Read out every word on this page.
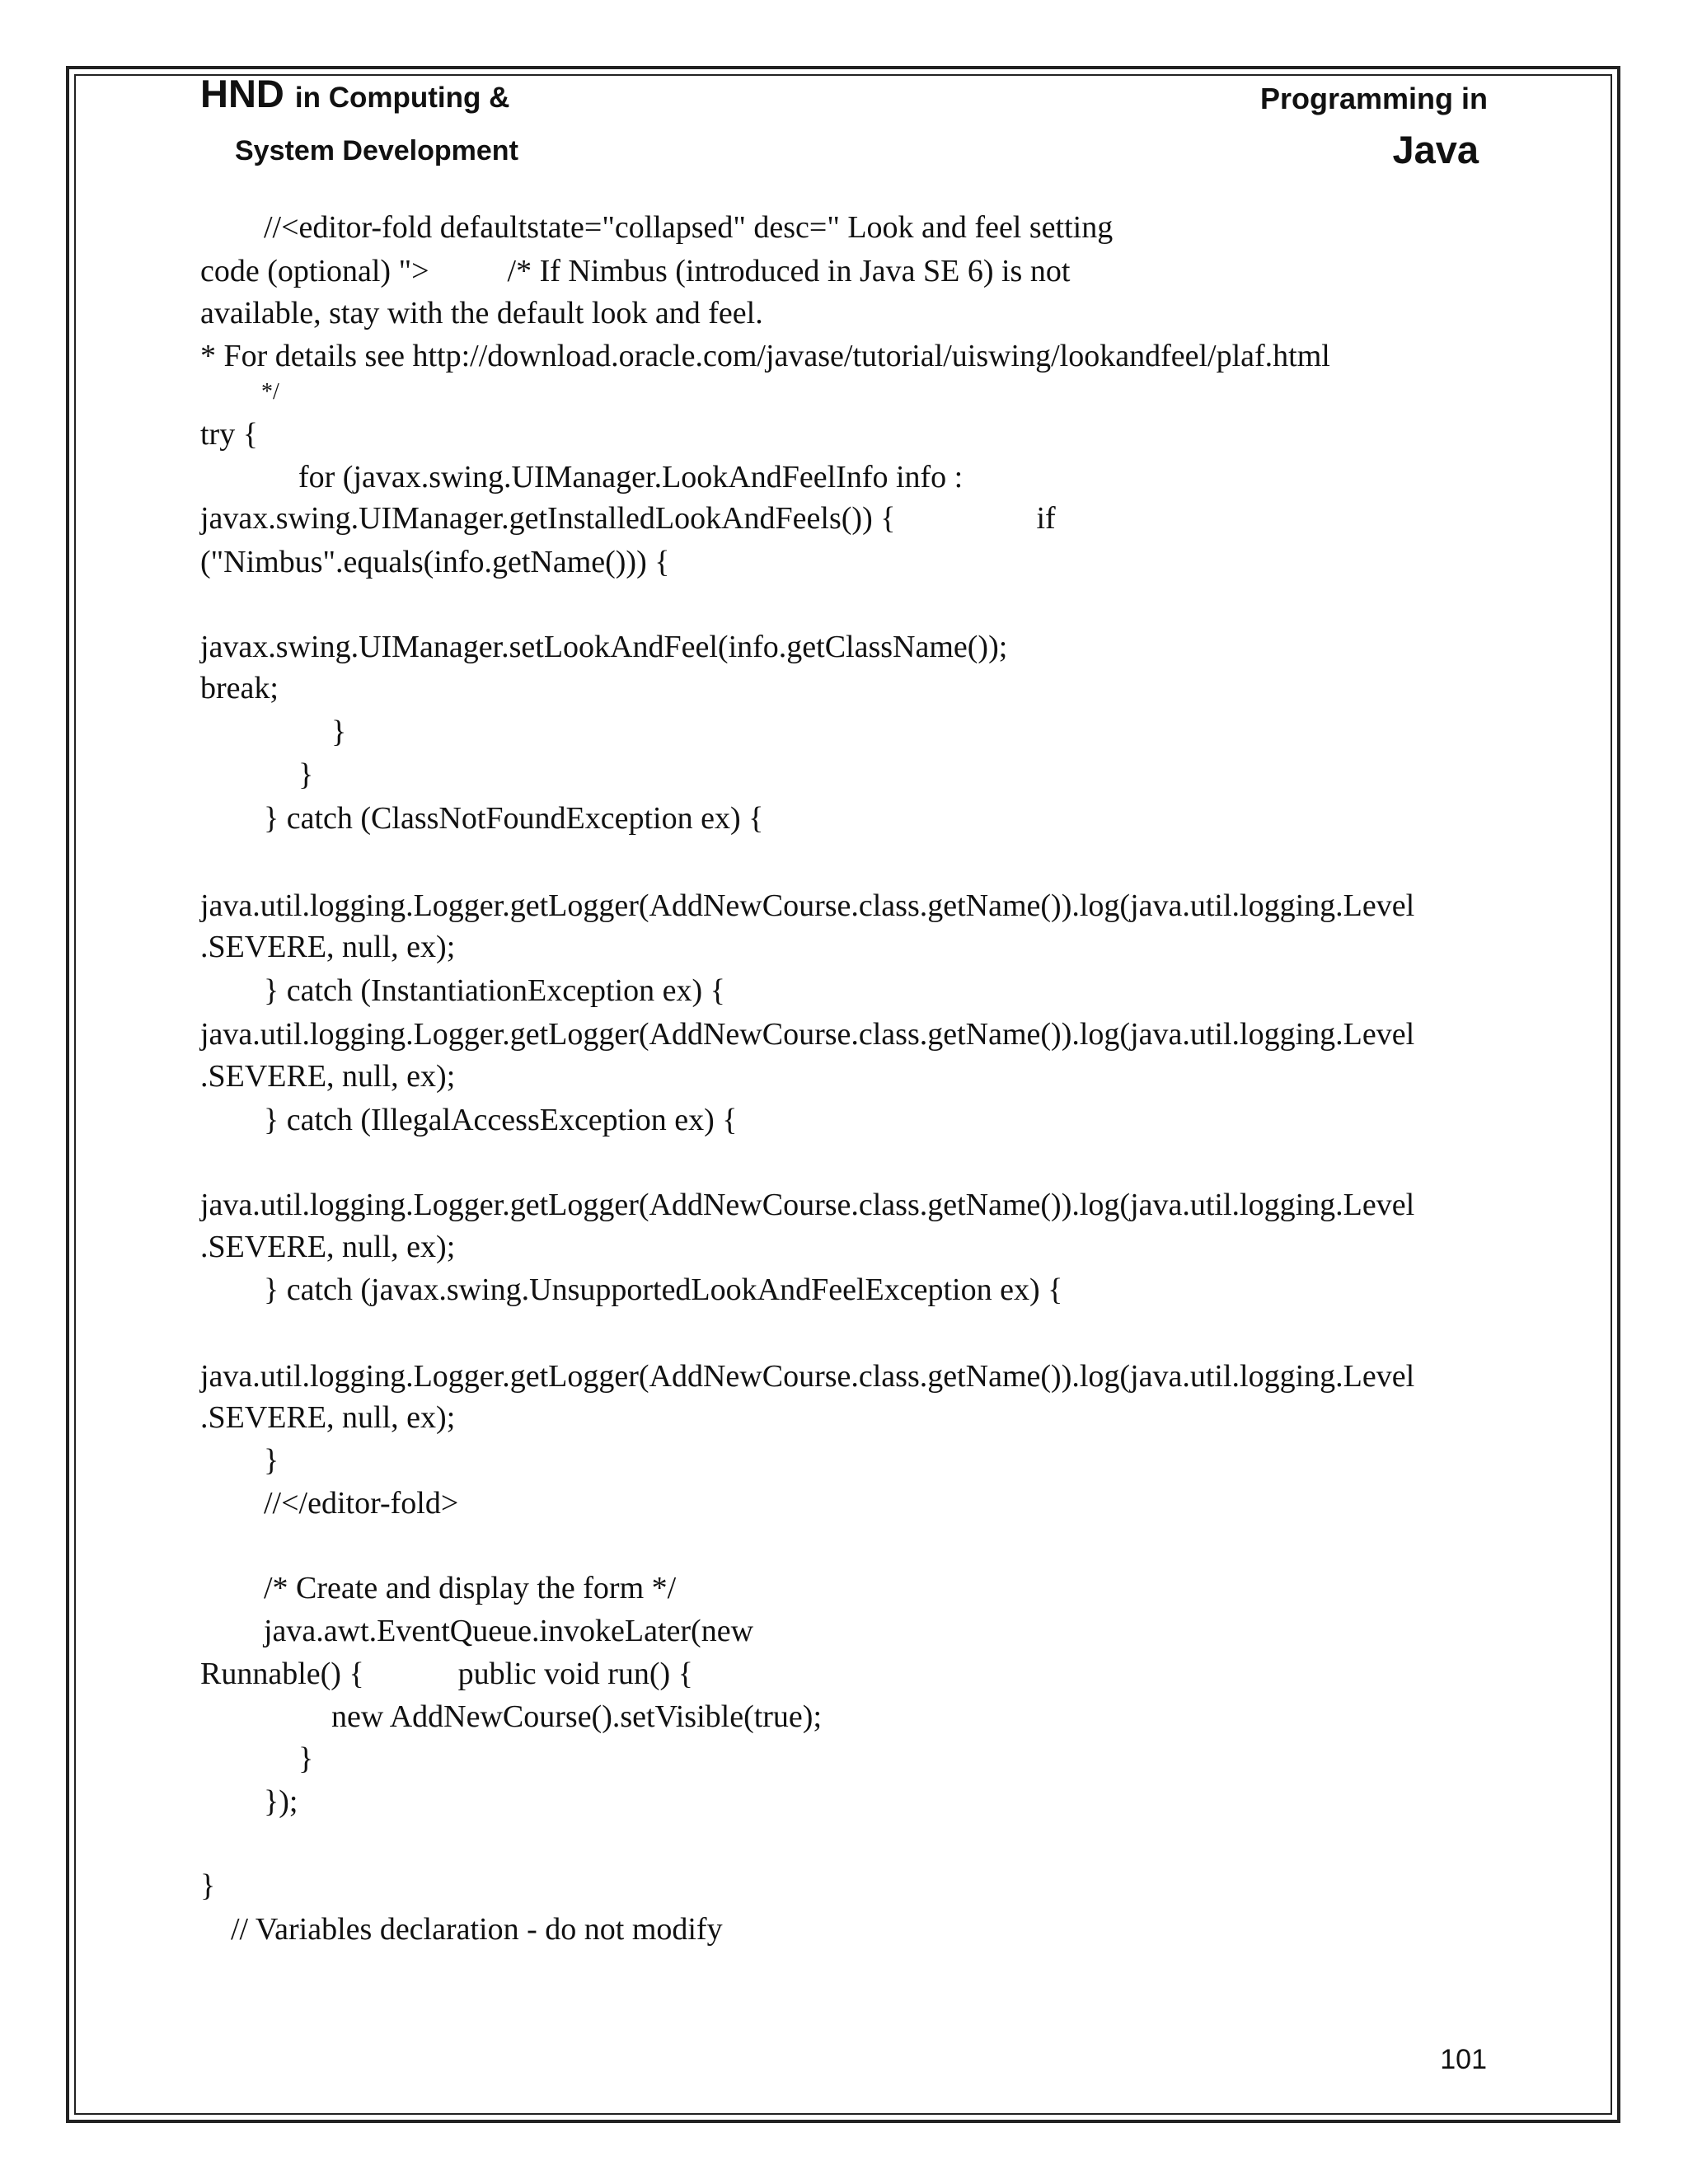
HND in Computing &
System Development
Programming in
Java
//<editor-fold defaultstate="collapsed" desc=" Look and feel setting
code (optional) ">          /* If Nimbus (introduced in Java SE 6) is not
available, stay with the default look and feel.
* For details see http://download.oracle.com/javase/tutorial/uiswing/lookandfeel/plaf.html
*/
try {
for (javax.swing.UIManager.LookAndFeelInfo info :
javax.swing.UIManager.getInstalledLookAndFeels()) {                  if
("Nimbus".equals(info.getName())) {
javax.swing.UIManager.setLookAndFeel(info.getClassName());
break;
}
}
} catch (ClassNotFoundException ex) {
java.util.logging.Logger.getLogger(AddNewCourse.class.getName()).log(java.util.logging.Level
.SEVERE, null, ex);
} catch (InstantiationException ex) {
java.util.logging.Logger.getLogger(AddNewCourse.class.getName()).log(java.util.logging.Level
.SEVERE, null, ex);
} catch (IllegalAccessException ex) {
java.util.logging.Logger.getLogger(AddNewCourse.class.getName()).log(java.util.logging.Level
.SEVERE, null, ex);
} catch (javax.swing.UnsupportedLookAndFeelException ex) {
java.util.logging.Logger.getLogger(AddNewCourse.class.getName()).log(java.util.logging.Level
.SEVERE, null, ex);
}
//</editor-fold>
/* Create and display the form */
java.awt.EventQueue.invokeLater(new
Runnable() {            public void run() {
new AddNewCourse().setVisible(true);
}
});
}
// Variables declaration - do not modify
101
